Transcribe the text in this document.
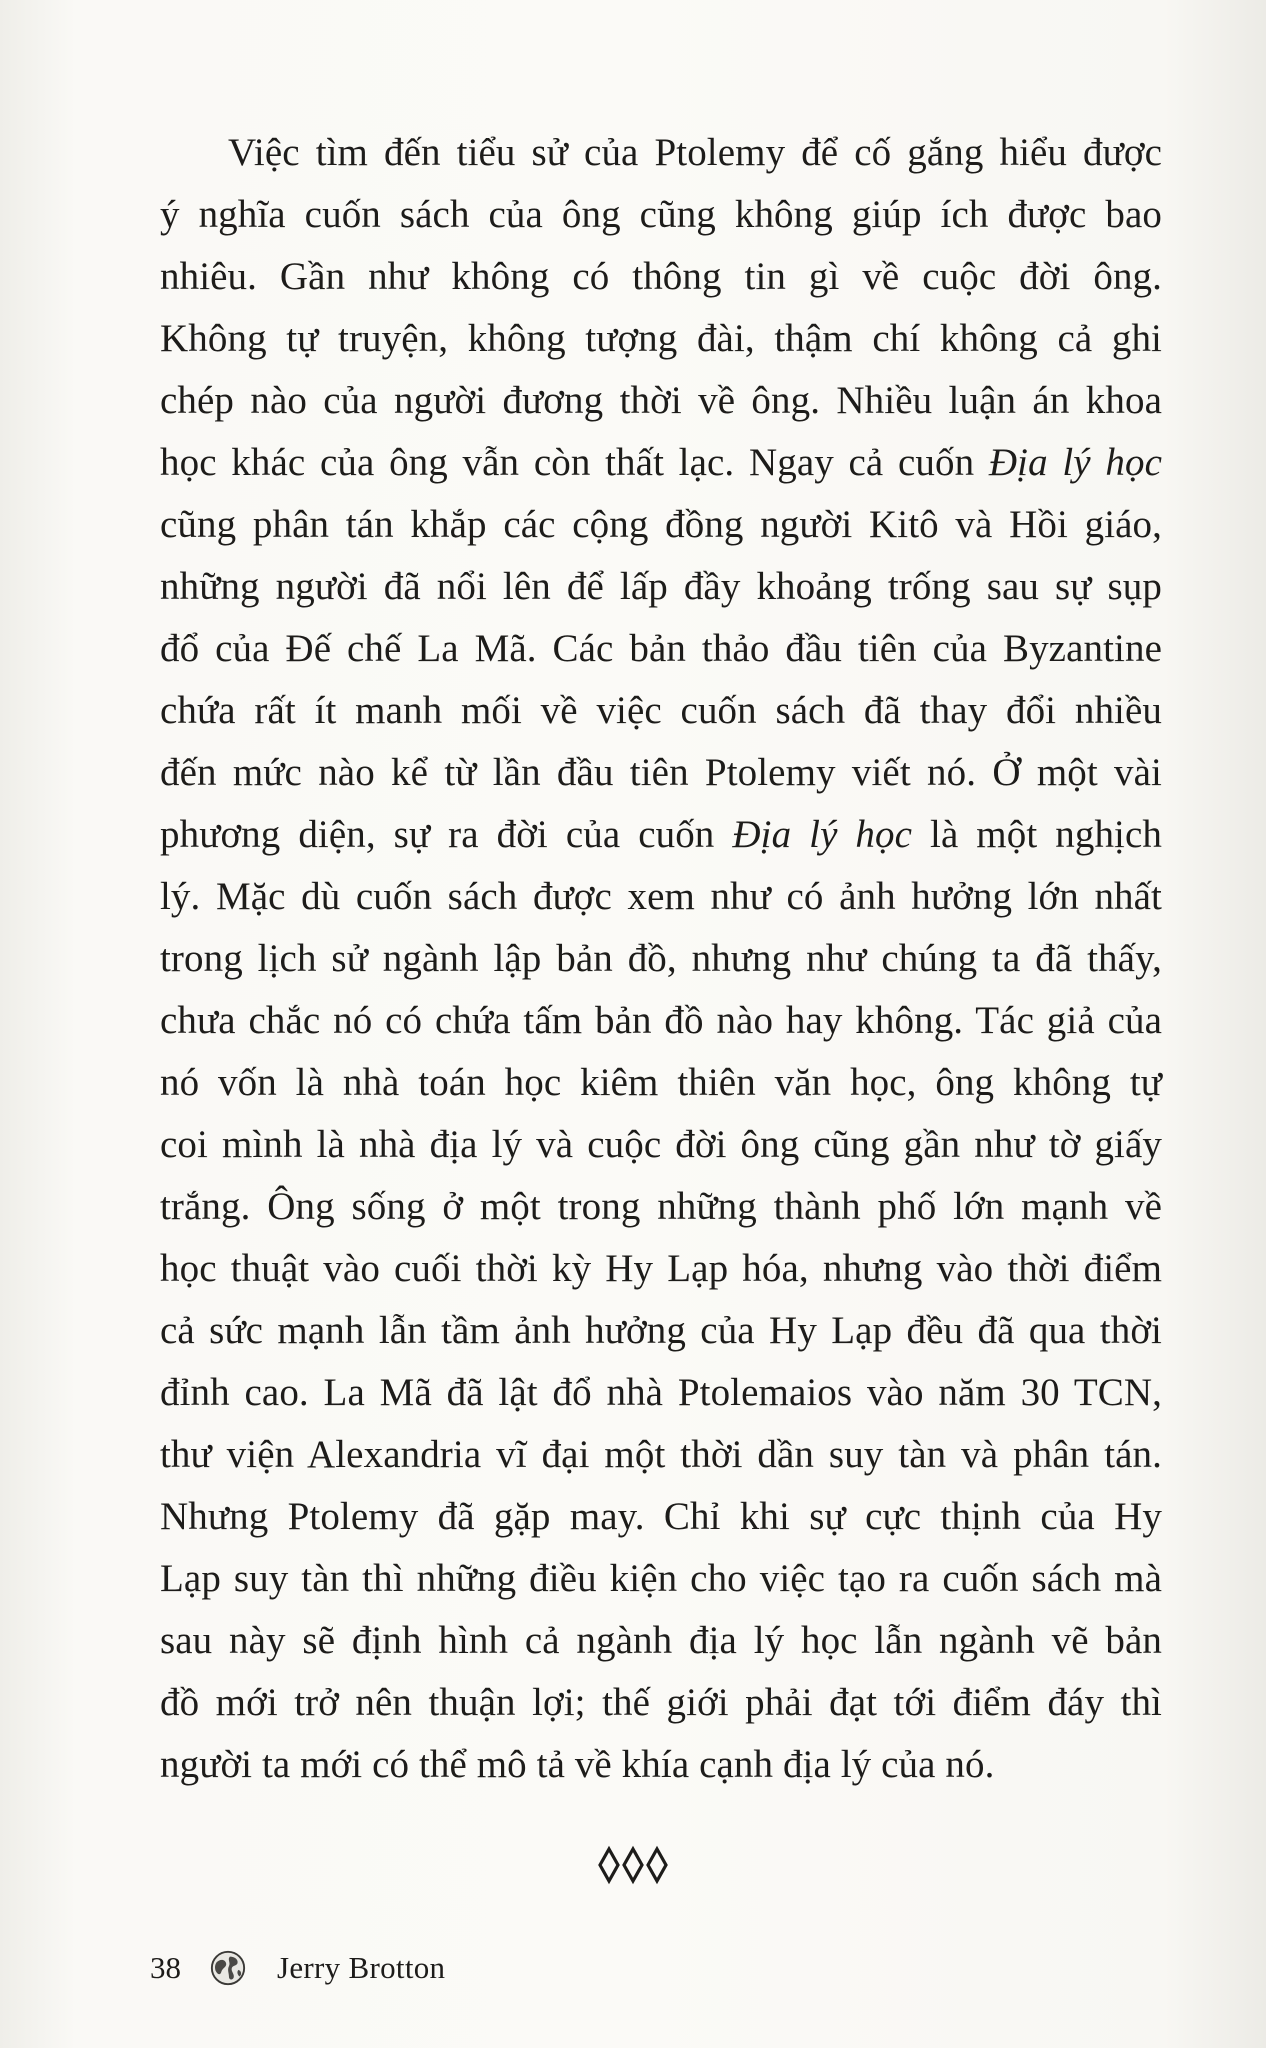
Việc tìm đến tiểu sử của Ptolemy để cố gắng hiểu được
ý nghĩa cuốn sách của ông cũng không giúp ích được bao
nhiêu. Gần như không có thông tin gì về cuộc đời ông.
Không tự truyện, không tượng đài, thậm chí không cả ghi
chép nào của người đương thời về ông. Nhiều luận án khoa
học khác của ông vẫn còn thất lạc. Ngay cả cuốn Địa lý học
cũng phân tán khắp các cộng đồng người Kitô và Hồi giáo,
những người đã nổi lên để lấp đầy khoảng trống sau sự sụp
đổ của Đế chế La Mã. Các bản thảo đầu tiên của Byzantine
chứa rất ít manh mối về việc cuốn sách đã thay đổi nhiều
đến mức nào kể từ lần đầu tiên Ptolemy viết nó. Ở một vài
phương diện, sự ra đời của cuốn Địa lý học là một nghịch
lý. Mặc dù cuốn sách được xem như có ảnh hưởng lớn nhất
trong lịch sử ngành lập bản đồ, nhưng như chúng ta đã thấy,
chưa chắc nó có chứa tấm bản đồ nào hay không. Tác giả của
nó vốn là nhà toán học kiêm thiên văn học, ông không tự
coi mình là nhà địa lý và cuộc đời ông cũng gần như tờ giấy
trắng. Ông sống ở một trong những thành phố lớn mạnh về
học thuật vào cuối thời kỳ Hy Lạp hóa, nhưng vào thời điểm
cả sức mạnh lẫn tầm ảnh hưởng của Hy Lạp đều đã qua thời
đỉnh cao. La Mã đã lật đổ nhà Ptolemaios vào năm 30 TCN,
thư viện Alexandria vĩ đại một thời dần suy tàn và phân tán.
Nhưng Ptolemy đã gặp may. Chỉ khi sự cực thịnh của Hy
Lạp suy tàn thì những điều kiện cho việc tạo ra cuốn sách mà
sau này sẽ định hình cả ngành địa lý học lẫn ngành vẽ bản
đồ mới trở nên thuận lợi; thế giới phải đạt tới điểm đáy thì
người ta mới có thể mô tả về khía cạnh địa lý của nó.
38	Jerry Brotton
